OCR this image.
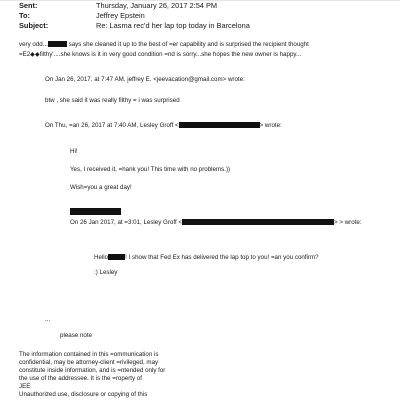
Sent:	Thursday, January 26, 2017 2:54 PM
To:	Jeffrey Epstein
Subject:	Re: Lasma rec'd her lap top today in Barcelona
very odd...	says she cleaned it up to the best of =er capability and is surprised the recipient thought
=E2◆◆filthy'....she knows is it in very good condition =nd is sorry...she hopes the new owner is happy...
On Jan 26, 2017, at 7:47 AM, jeffrey E. <jeevacation@gmail.com> wrote:
btw , she said it was really filthy = i was surprised
On Thu, =an 26, 2017 at 7:40 AM, Lesley Groff <	> wrote:
Hi!
Yes, I received it, =hank you! This time with no problems.))
Wish=you a great day!
On 26 Jan 2017, at =3:01, Lesley Groff <	> > wrote:
Hello	! I show that Fed Ex has delivered the lap top to you! =an you confirm?
:) Lesley
...
please note
The information contained in this =ommunication is
confidential, may be attorney-client =rivileged, may
constitute inside information, and is =ntended only for
the use of the addressee. It is the =roperty of
JEE
Unauthorized use, disclosure or copying of this
